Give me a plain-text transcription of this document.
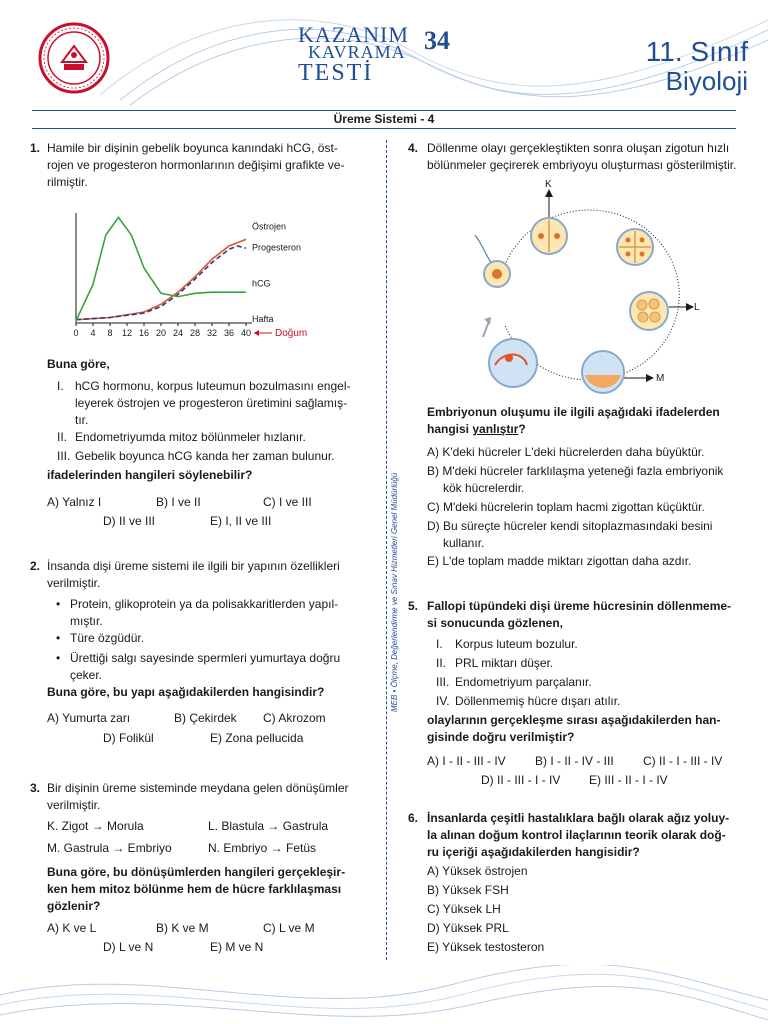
KAZANIM
KAVRAMA
TESTİ
34	11. Sınıf
Biyoloji
Üreme Sistemi - 4
MEB • Ölçme, Değerlendirme ve Sınav Hizmetleri Genel Müdürlüğü
1. Hamile bir dişinin gebelik boyunca kanındaki hCG, öst-
rojen ve progesteron hormonlarının değişimi grafikte ve-
rilmiştir.
0 4 8 12 16 20 24 28 32 36 40
Östrojen
Progesteron
hCG
Hafta
Doğum
Buna göre,
I. hCG hormonu, korpus luteumun bozulmasını engel-
leyerek östrojen ve progesteron üretimini sağlamış-
tır.
II. Endometriyumda mitoz bölünmeler hızlanır.
III. Gebelik boyunca hCG kanda her zaman bulunur.
ifadelerinden hangileri söylenebilir?
A) Yalnız I	B) I ve II	C) I ve III
D) II ve III	E) I, II ve III
2. İnsanda dişi üreme sistemi ile ilgili bir yapının özellikleri
verilmiştir.
• Protein, glikoprotein ya da polisakkaritlerden yapıl-
mıştır.
• Türe özgüdür.
• Ürettiği salgı sayesinde spermleri yumurtaya doğru
çeker.
Buna göre, bu yapı aşağıdakilerden hangisindir?
A) Yumurta zarı	B) Çekirdek C) Akrozom
D) Folikül	E) Zona pellucida
3. Bir dişinin üreme sisteminde meydana gelen dönüşümler
verilmiştir.
K. Zigot → Morula	L. Blastula → Gastrula
M. Gastrula → Embriyo	N. Embriyo → Fetüs
Buna göre, bu dönüşümlerden hangileri gerçekleşir-
ken hem mitoz bölünme hem de hücre farklılaşması
gözlenir?
A) K ve L	B) K ve M	C) L ve M
D) L ve N	E) M ve N
4. Döllenme olayı gerçekleştikten sonra oluşan zigotun hızlı
bölünmeler geçirerek embriyoyu oluşturması gösterilmiştir.
K
L
M
Embriyonun oluşumu ile ilgili aşağıdaki ifadelerden
hangisi yanlıştır?
A) K'deki hücreler L'deki hücrelerden daha büyüktür.
B) M'deki hücreler farklılaşma yeteneği fazla embriyonik
kök hücrelerdir.
C) M'deki hücrelerin toplam hacmi zigottan küçüktür.
D) Bu süreçte hücreler kendi sitoplazmasındaki besini
kullanır.
E) L'de toplam madde miktarı zigottan daha azdır.
5. Fallopi tüpündeki dişi üreme hücresinin döllenmeme-
si sonucunda gözlenen,
I. Korpus luteum bozulur.
II. PRL miktarı düşer.
III. Endometriyum parçalanır.
IV. Döllenmemiş hücre dışarı atılır.
olaylarının gerçekleşme sırası aşağıdakilerden han-
gisinde doğru verilmiştir?
A) I - II - III - IV B) I - II - IV - III C) II - I - III - IV
D) II - III - I - IV E) III - II - I - IV
6. İnsanlarda çeşitli hastalıklara bağlı olarak ağız yoluy-
la alınan doğum kontrol ilaçlarının teorik olarak doğ-
ru içeriği aşağıdakilerden hangisidir?
A) Yüksek östrojen
B) Yüksek FSH
C) Yüksek LH
D) Yüksek PRL
E) Yüksek testosteron
